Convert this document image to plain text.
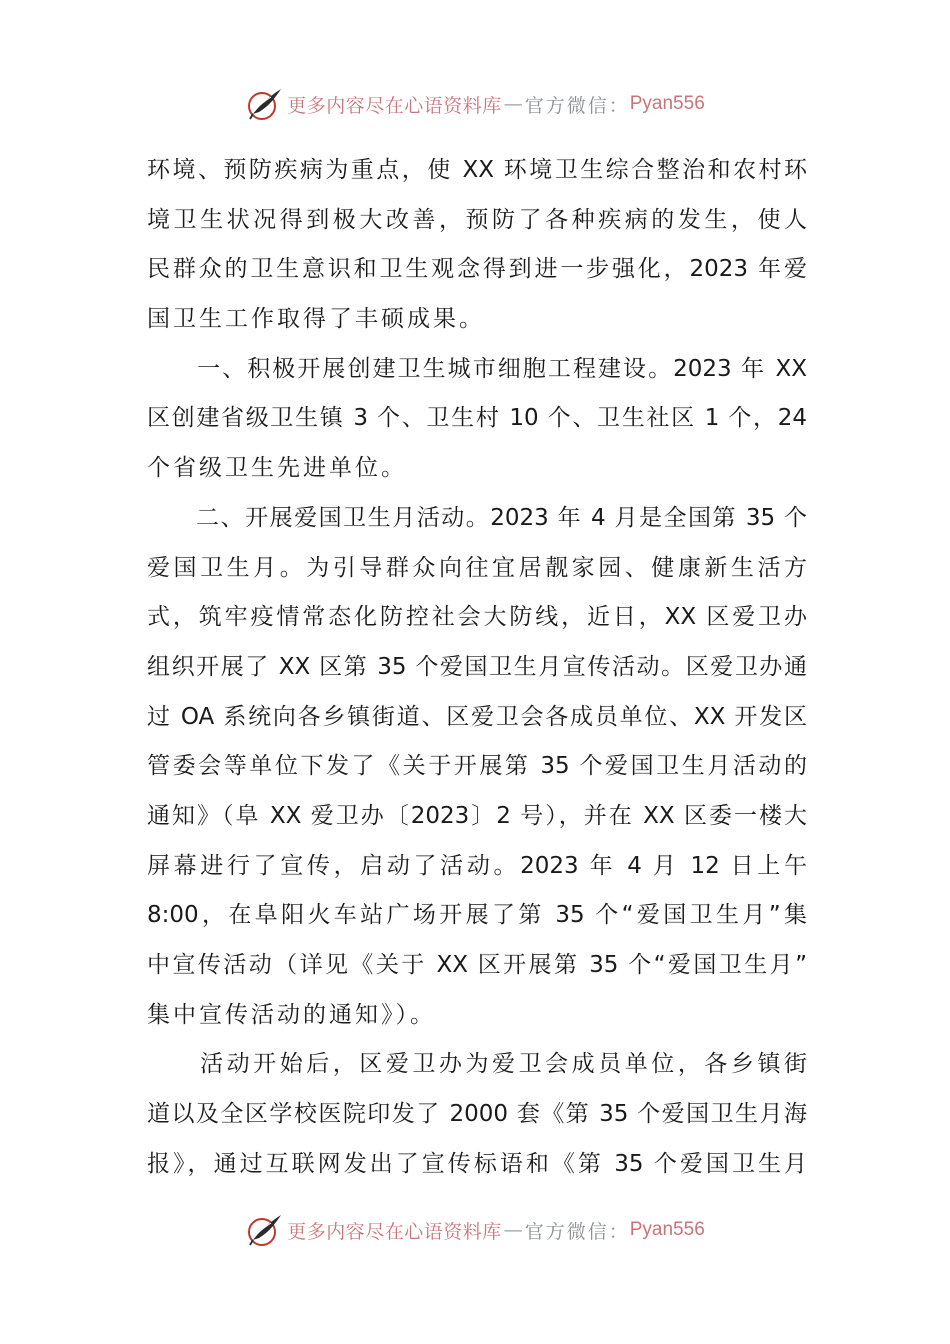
更多内容尽在心语资料库 — 官方微信： Pyan556
环境、预防疾病为重点，使 XX 环境卫生综合整治和农村环
境卫生状况得到极大改善，预防了各种疾病的发生，使人
民群众的卫生意识和卫生观念得到进一步强化，2023 年爱
国卫生工作取得了丰硕成果。
　　一、积极开展创建卫生城市细胞工程建设。2023 年 XX
区创建省级卫生镇 3 个、卫生村 10 个、卫生社区 1 个，24
个省级卫生先进单位。
　　二、开展爱国卫生月活动。2023 年 4 月是全国第 35 个
爱国卫生月。为引导群众向往宜居靓家园、健康新生活方
式，筑牢疫情常态化防控社会大防线，近日，XX 区爱卫办
组织开展了 XX 区第 35 个爱国卫生月宣传活动。区爱卫办通
过 OA 系统向各乡镇街道、区爱卫会各成员单位、XX 开发区
管委会等单位下发了《关于开展第 35 个爱国卫生月活动的
通知》（阜 XX 爱卫办〔2023〕2 号），并在 XX 区委一楼大
屏幕进行了宣传，启动了活动。2023 年 4 月 12 日上午
8:00，在阜阳火车站广场开展了第 35 个“爱国卫生月”集
中宣传活动（详见《关于 XX 区开展第 35 个“爱国卫生月”
集中宣传活动的通知》）。
　　活动开始后，区爱卫办为爱卫会成员单位，各乡镇街
道以及全区学校医院印发了 2000 套《第 35 个爱国卫生月海
报》，通过互联网发出了宣传标语和《第 35 个爱国卫生月
更多内容尽在心语资料库 — 官方微信： Pyan556
